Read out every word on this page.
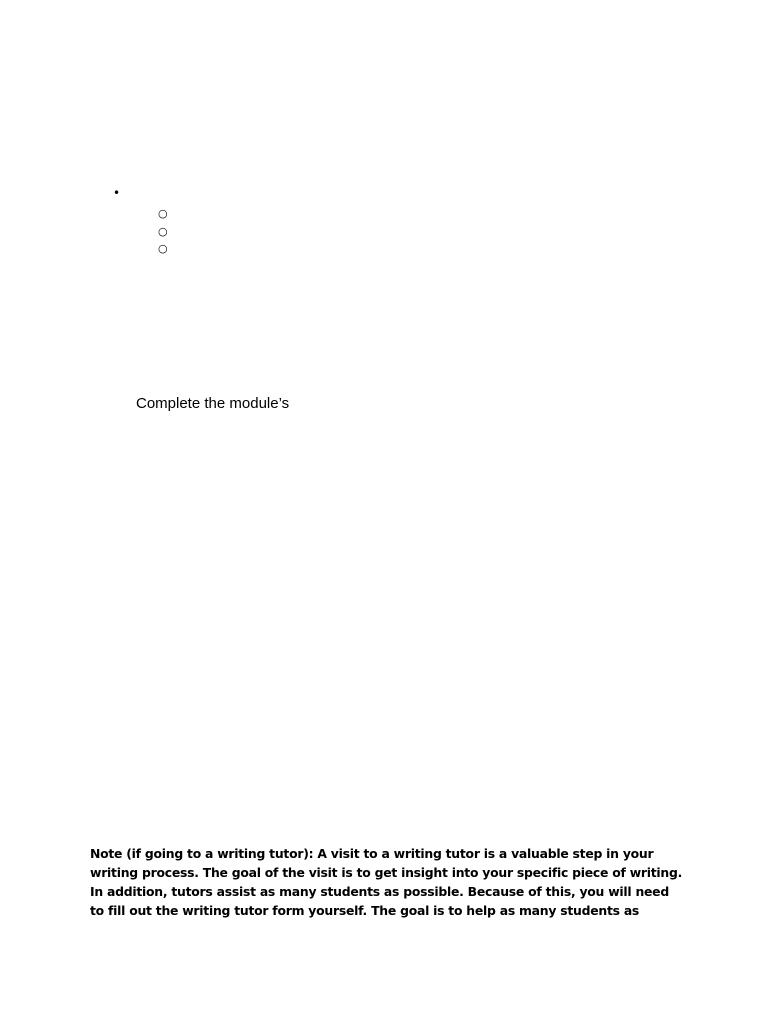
•
○
○
○

Complete the module’s

Note (if going to a writing tutor): A visit to a writing tutor is a valuable step in your
writing process. The goal of the visit is to get insight into your specific piece of writing.
In addition, tutors assist as many students as possible. Because of this, you will need
to fill out the writing tutor form yourself. The goal is to help as many students as
